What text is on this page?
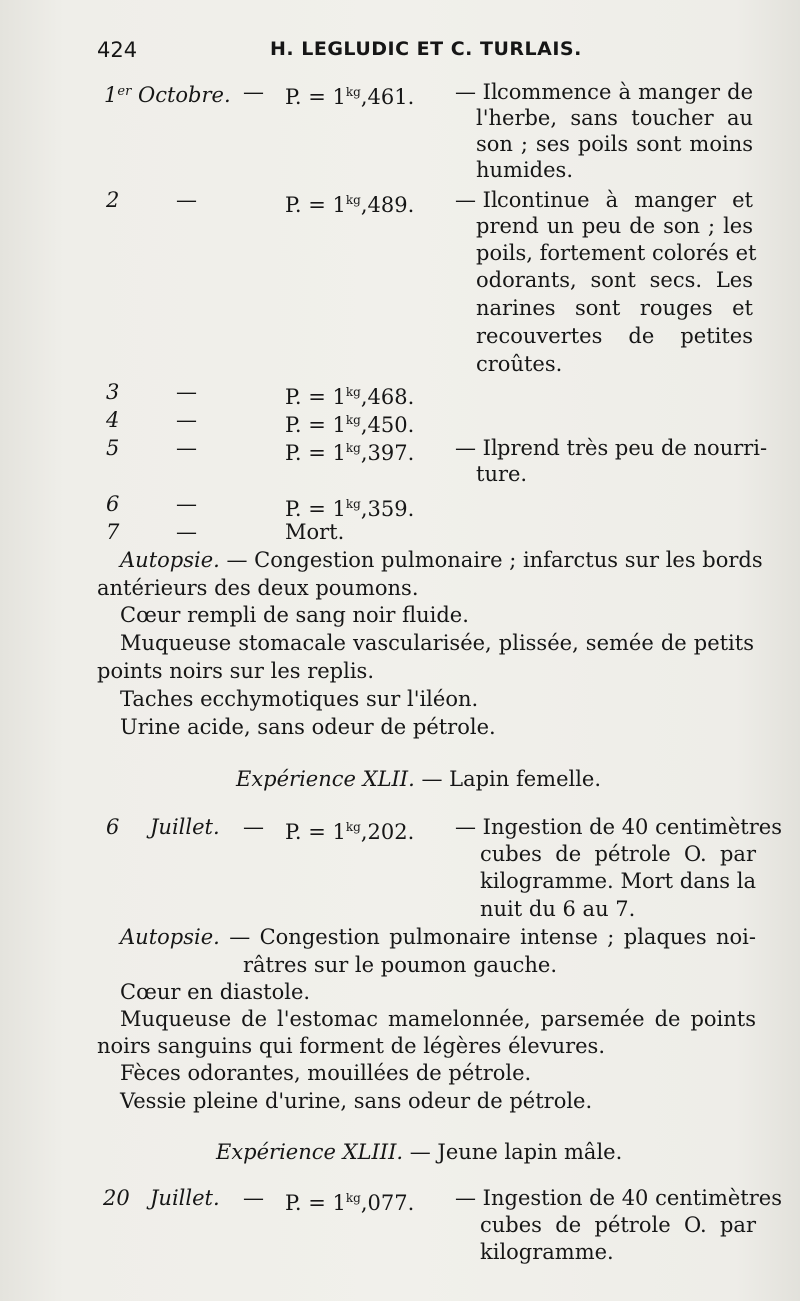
424	H. LEGLUDIC ET C. TURLAIS.
1er Octobre. — P. = $1^{kg},461$. — Il commence à manger de
l'herbe, sans toucher au
son ; ses poils sont moins
humides.
2	—	P. = $1^{kg},489$. — Il continue à manger et
prend un peu de son ; les
poils, fortement colorés et
odorants, sont secs. Les
narines sont rouges et
recouvertes de petites
croûtes.
3	—	P. = $1^{kg},468$.
4	—	P. = $1^{kg},450$.
5	—	P. = $1^{kg},397$. — Il prend très peu de nourri-
ture.
6	—	P. = $1^{kg},359$.
7	—	Mort.
Autopsie. — Congestion pulmonaire ; infarctus sur les bords
antérieurs des deux poumons.
Cœur rempli de sang noir fluide.
Muqueuse stomacale vascularisée, plissée, semée de petits
points noirs sur les replis.
Taches ecchymotiques sur l'iléon.
Urine acide, sans odeur de pétrole.
Expérience XLII. — Lapin femelle.
6 Juillet. — P. = $1^{kg},202$. — Ingestion de 40 centimètres
cubes de pétrole O. par
kilogramme. Mort dans la
nuit du 6 au 7.
Autopsie. — Congestion pulmonaire intense ; plaques noi-
râtres sur le poumon gauche.
Cœur en diastole.
Muqueuse de l'estomac mamelonnée, parsemée de points
noirs sanguins qui forment de légères élevures.
Fèces odorantes, mouillées de pétrole.
Vessie pleine d'urine, sans odeur de pétrole.
Expérience XLIII. — Jeune lapin mâle.
20 Juillet. — P. = $1^{kg},077$. — Ingestion de 40 centimètres
cubes de pétrole O. par
kilogramme.
